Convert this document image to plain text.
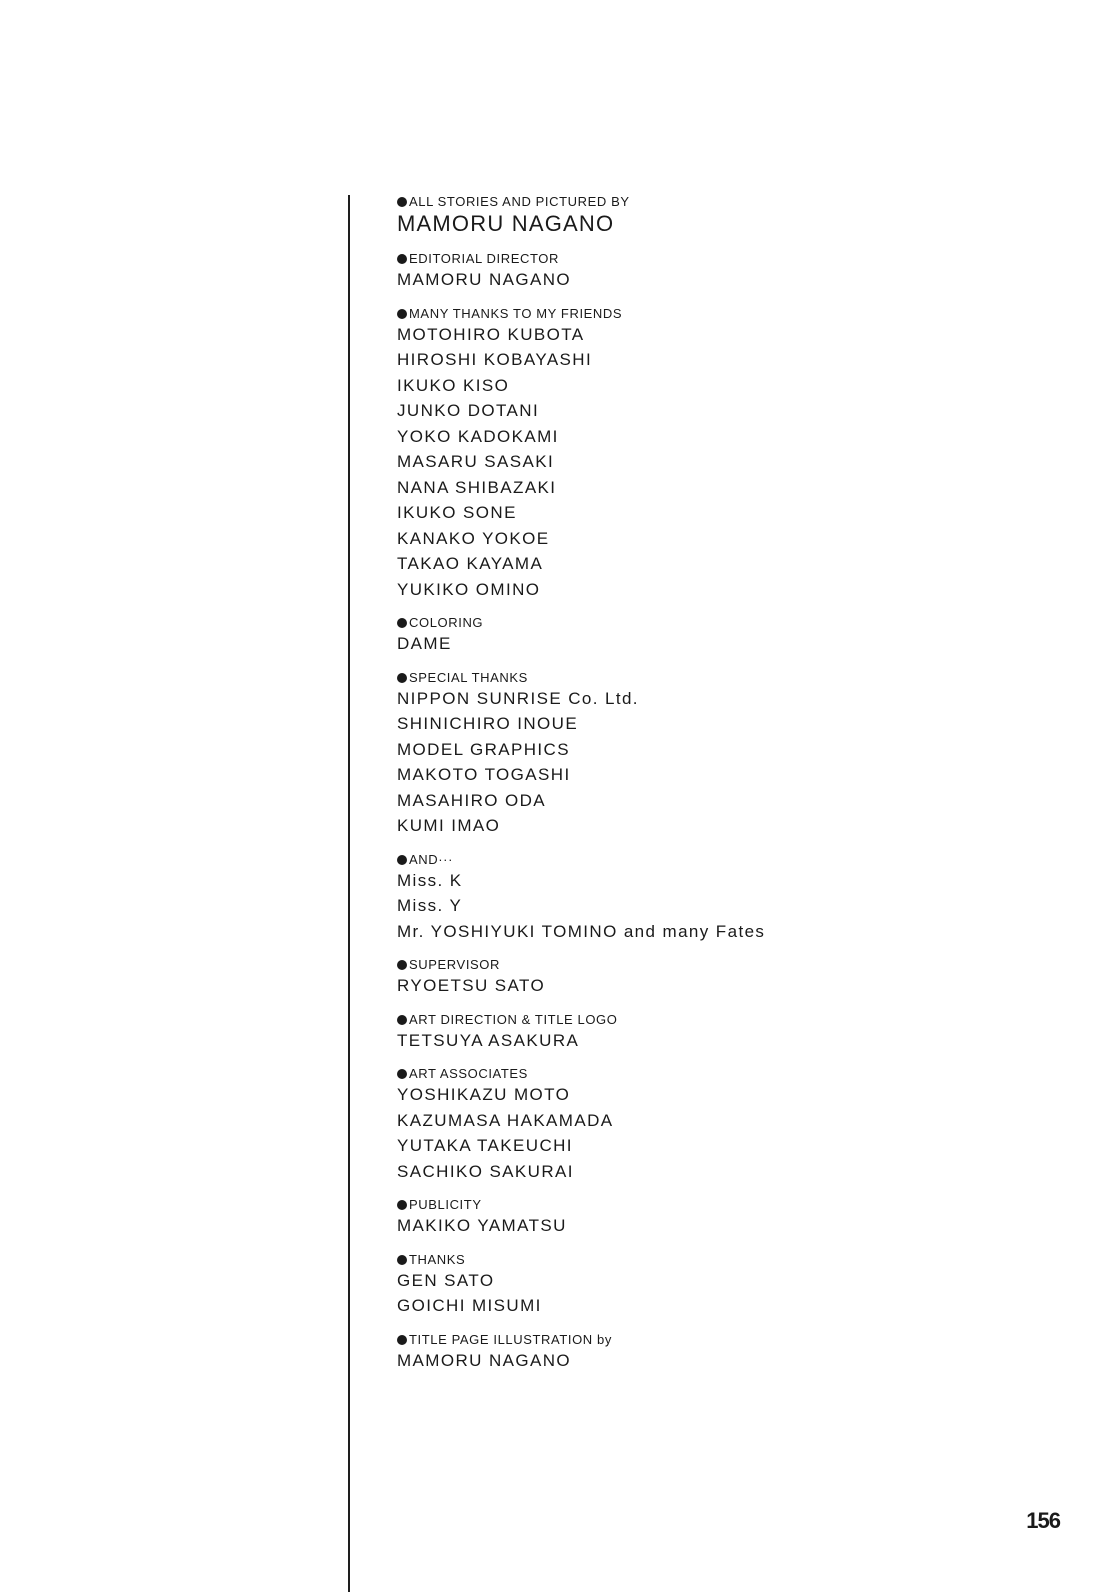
ALL STORIES AND PICTURED BY
MAMORU NAGANO
EDITORIAL DIRECTOR
MAMORU NAGANO
MANY THANKS TO MY FRIENDS
MOTOHIRO KUBOTA
HIROSHI KOBAYASHI
IKUKO KISO
JUNKO DOTANI
YOKO KADOKAMI
MASARU SASAKI
NANA SHIBAZAKI
IKUKO SONE
KANAKO YOKOE
TAKAO KAYAMA
YUKIKO OMINO
COLORING
DAME
SPECIAL THANKS
NIPPON SUNRISE Co. Ltd.
SHINICHIRO INOUE
MODEL GRAPHICS
MAKOTO TOGASHI
MASAHIRO ODA
KUMI IMAO
AND···
Miss. K
Miss. Y
Mr. YOSHIYUKI TOMINO and many Fates
SUPERVISOR
RYOETSU SATO
ART DIRECTION & TITLE LOGO
TETSUYA ASAKURA
ART ASSOCIATES
YOSHIKAZU MOTO
KAZUMASA HAKAMADA
YUTAKA TAKEUCHI
SACHIKO SAKURAI
PUBLICITY
MAKIKO YAMATSU
THANKS
GEN SATO
GOICHI MISUMI
TITLE PAGE ILLUSTRATION by
MAMORU NAGANO
156
